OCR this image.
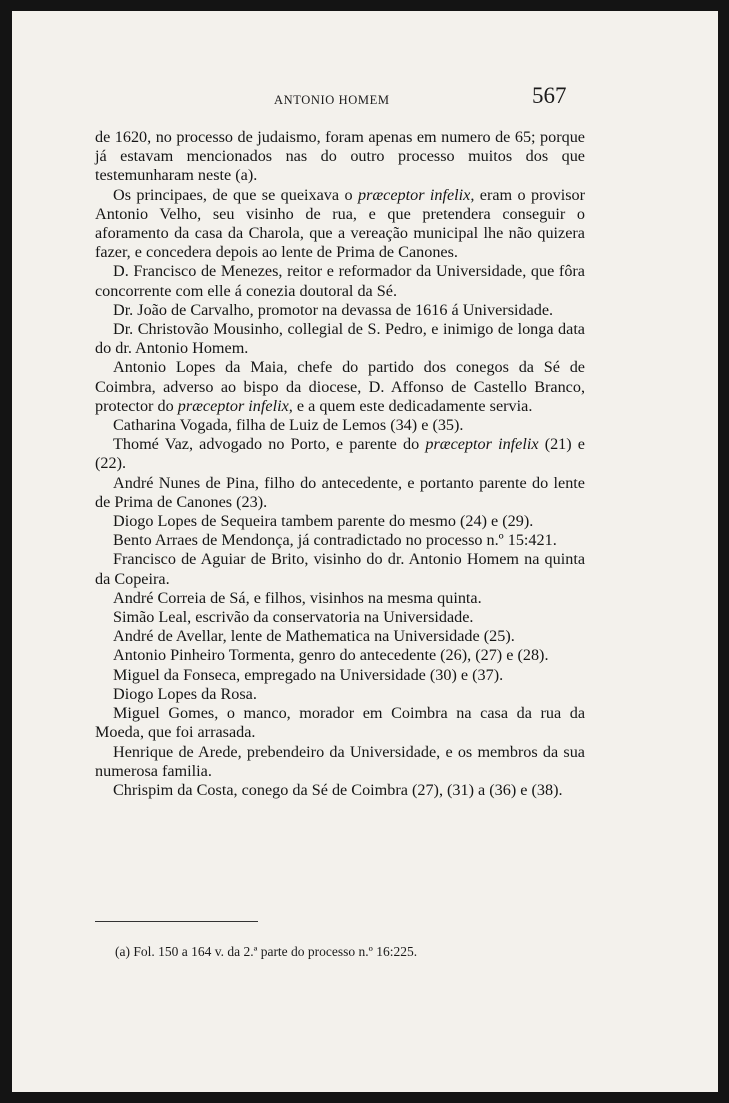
ANTONIO HOMEM	567

de 1620, no processo de judaismo, foram apenas em numero de 65; porque já estavam mencionados nas do outro processo muitos dos que testemunharam neste (a).

Os principaes, de que se queixava o præceptor infelix, eram o provisor Antonio Velho, seu visinho de rua, e que pretendera conseguir o aforamento da casa da Charola, que a vereação municipal lhe não quizera fazer, e concedera depois ao lente de Prima de Canones.

D. Francisco de Menezes, reitor e reformador da Universidade, que fôra concorrente com elle á conezia doutoral da Sé.

Dr. João de Carvalho, promotor na devassa de 1616 á Universidade.

Dr. Christovão Mousinho, collegial de S. Pedro, e inimigo de longa data do dr. Antonio Homem.

Antonio Lopes da Maia, chefe do partido dos conegos da Sé de Coimbra, adverso ao bispo da diocese, D. Affonso de Castello Branco, protector do præceptor infelix, e a quem este dedicadamente servia.

Catharina Vogada, filha de Luiz de Lemos (34) e (35).

Thomé Vaz, advogado no Porto, e parente do præceptor infelix (21) e (22).

André Nunes de Pina, filho do antecedente, e portanto parente do lente de Prima de Canones (23).

Diogo Lopes de Sequeira tambem parente do mesmo (24) e (29).

Bento Arraes de Mendonça, já contradictado no processo n.º 15:421.

Francisco de Aguiar de Brito, visinho do dr. Antonio Homem na quinta da Copeira.

André Correia de Sá, e filhos, visinhos na mesma quinta.

Simão Leal, escrivão da conservatoria na Universidade.

André de Avellar, lente de Mathematica na Universidade (25).

Antonio Pinheiro Tormenta, genro do antecedente (26), (27) e (28).

Miguel da Fonseca, empregado na Universidade (30) e (37).

Diogo Lopes da Rosa.

Miguel Gomes, o manco, morador em Coimbra na casa da rua da Moeda, que foi arrasada.

Henrique de Arede, prebendeiro da Universidade, e os membros da sua numerosa familia.

Chrispim da Costa, conego da Sé de Coimbra (27), (31) a (36) e (38).

(a) Fol. 150 a 164 v. da 2.ª parte do processo n.º 16:225.
